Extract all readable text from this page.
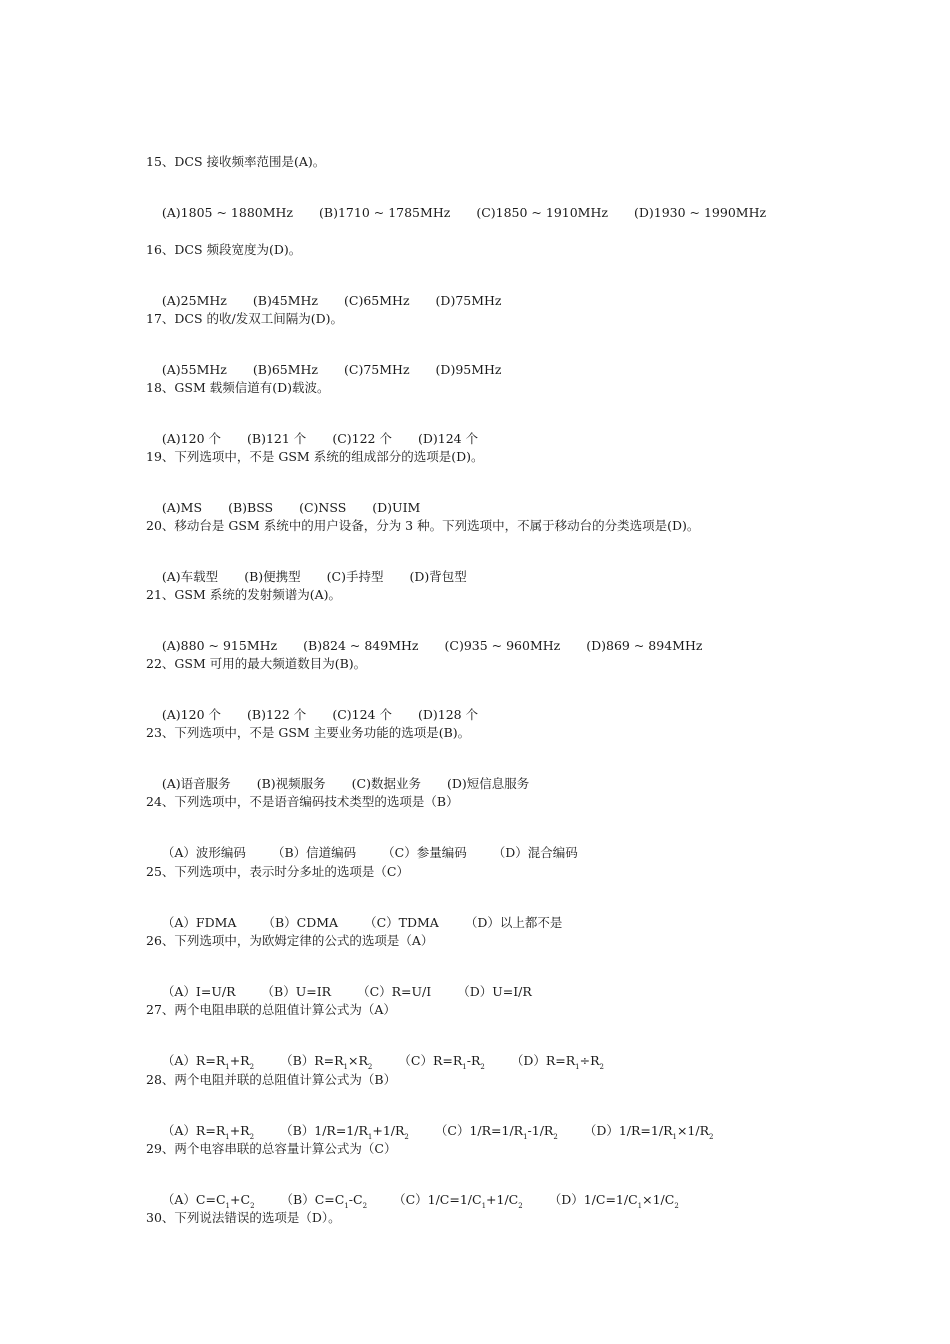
15、DCS 接收频率范围是(A)。

(A)1805 ~ 1880MHz (B)1710 ~ 1785MHz (C)1850 ~ 1910MHz (D)1930 ~ 1990MHz

16、DCS 频段宽度为(D)。

(A)25MHz (B)45MHz (C)65MHz (D)75MHz

17、DCS 的收/发双工间隔为(D)。

(A)55MHz (B)65MHz (C)75MHz (D)95MHz

18、GSM 载频信道有(D)载波。

(A)120 个 (B)121 个 (C)122 个 (D)124 个

19、下列选项中，不是 GSM 系统的组成部分的选项是(D)。

(A)MS (B)BSS (C)NSS (D)UIM

20、移动台是 GSM 系统中的用户设备，分为 3 种。下列选项中，不属于移动台的分类选项是(D)。

(A)车载型 (B)便携型 (C)手持型 (D)背包型

21、GSM 系统的发射频谱为(A)。

(A)880 ~ 915MHz (B)824 ~ 849MHz (C)935 ~ 960MHz (D)869 ~ 894MHz

22、GSM 可用的最大频道数目为(B)。

(A)120 个 (B)122 个 (C)124 个 (D)128 个

23、下列选项中，不是 GSM 主要业务功能的选项是(B)。

(A)语音服务 (B)视频服务 (C)数据业务 (D)短信息服务

24、下列选项中，不是语音编码技术类型的选项是（B）

（A）波形编码 （B）信道编码 （C）参量编码 （D）混合编码

25、下列选项中，表示时分多址的选项是（C）

（A）FDMA （B）CDMA （C）TDMA （D）以上都不是

26、下列选项中，为欧姆定律的公式的选项是（A）

（A）I=U/R （B）U=IR （C）R=U/I （D）U=I/R

27、两个电阻串联的总阻值计算公式为（A）

$(A)R=R_1+R_2$ $(B)R=R_1\times R_2$ $(C)R=R_1-R_2$ $(D)R=R_1\div R_2$

28、两个电阻并联的总阻值计算公式为（B）

$(A)R=R_1+R_2$ $(B)1/R=1/R_1+1/R_2$ $(C)1/R=1/R_1-1/R_2$ $(D)1/R=1/R_1\times 1/R_2$

29、两个电容串联的总容量计算公式为（C）

$(A)C=C_1+C_2$ $(B)C=C_1-C_2$ $(C)1/C=1/C_1+1/C_2$ $(D)1/C=1/C_1\times 1/C_2$

30、下列说法错误的选项是（D）。
